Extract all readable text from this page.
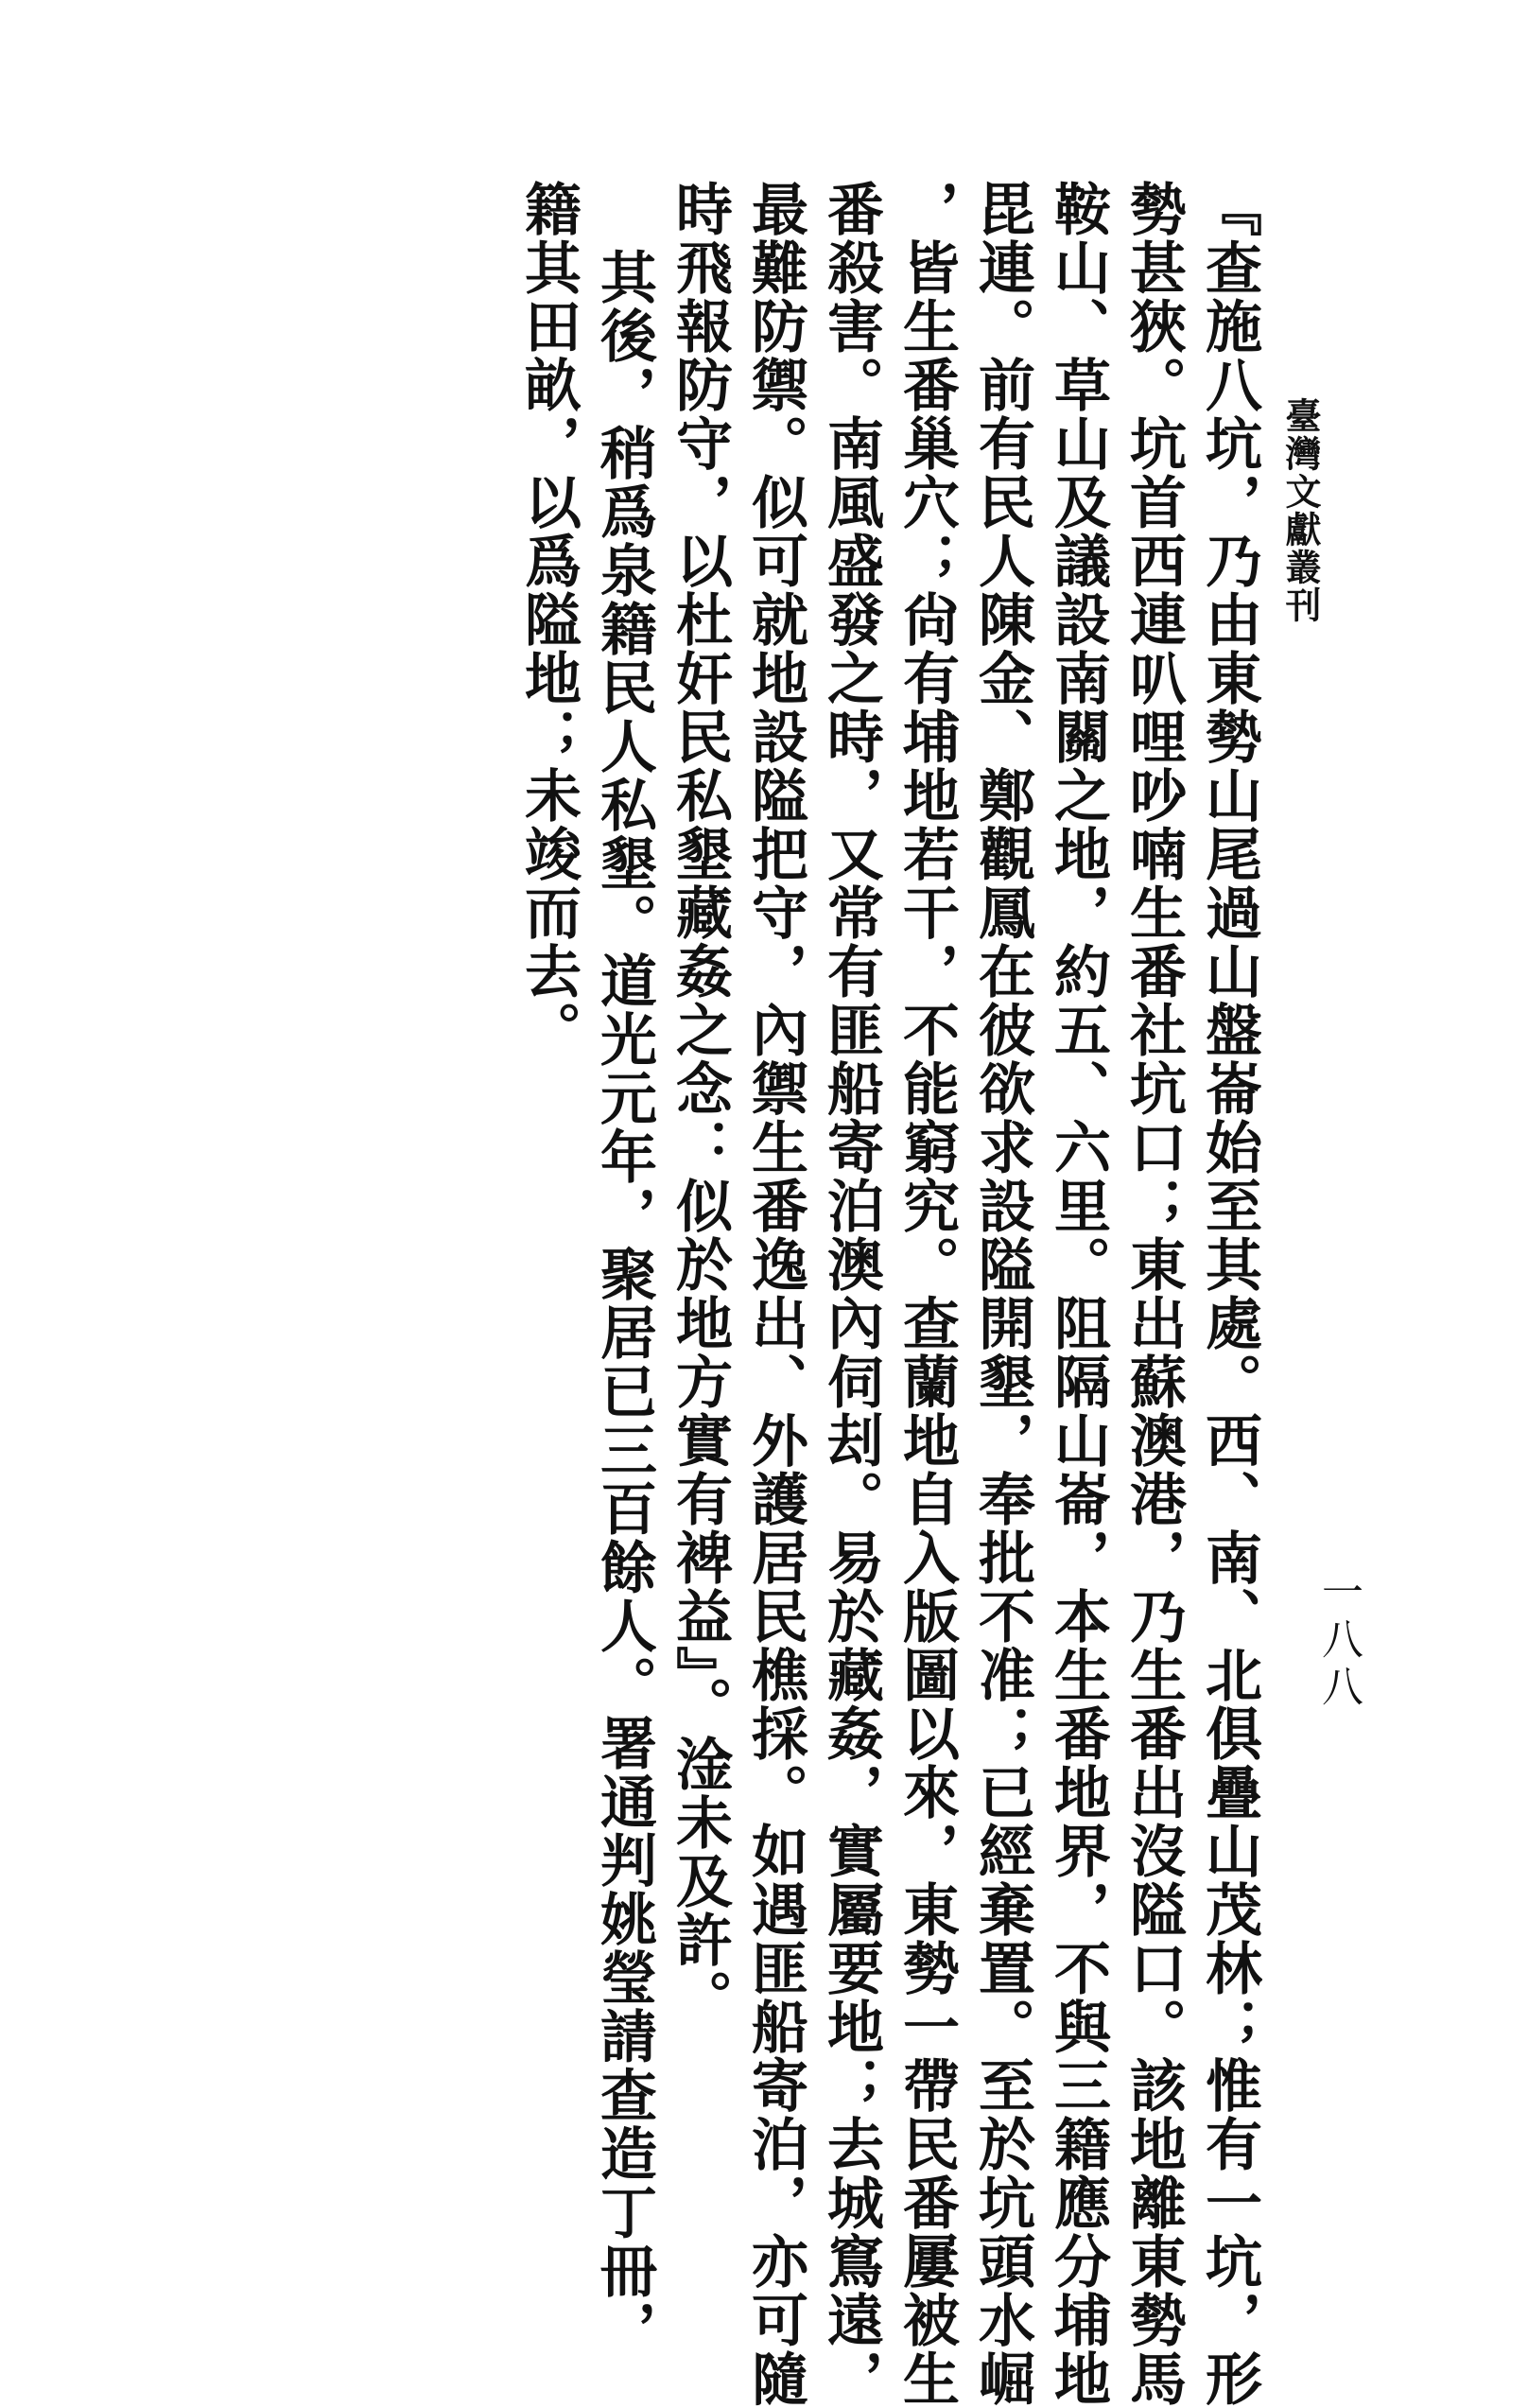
臺灣文獻叢刊
一八八

『查施八坑，乃由東勢山尾過山盤崙始至其處。西、南、北俱疊山茂林；惟有一坑，形

勢甚狹。坑首西連叭哩吵喃生番社坑口；東出蘇澳港，乃生番出沒隘口。該地離東勢馬

鞍山、草山及議設南關之地，約五、六里。阻隔山崙，本生番地界，不與三籍應分埔地

毘連。前有民人陳金、鄭觀鳳在彼欲求設隘開墾，奉批不准；已經棄置。至於坑頭水崛

，皆生番巢穴；尙有埔地若干，不能窮究。查蘭地自入版圖以來，東勢一帶民番屢被生

番殺害。南風盛發之時，又常有匪船寄泊澳內伺刦。易於藏姦，實屬要地；去城窵遠，

最難防禦。似可就地設隘把守，內禦生番逸出、外護居民樵採。如遇匪船寄泊，亦可隨

時飛報防守，以杜奸民私墾藏姦之念：似於地方實有裨益』。淦未及許。

其後，稍爲泉籍民人私墾。道光元年，聚居已三百餘人。署通判姚瑩請查造丁冊，

籍其田畝，以爲隘地；未竣而去。
